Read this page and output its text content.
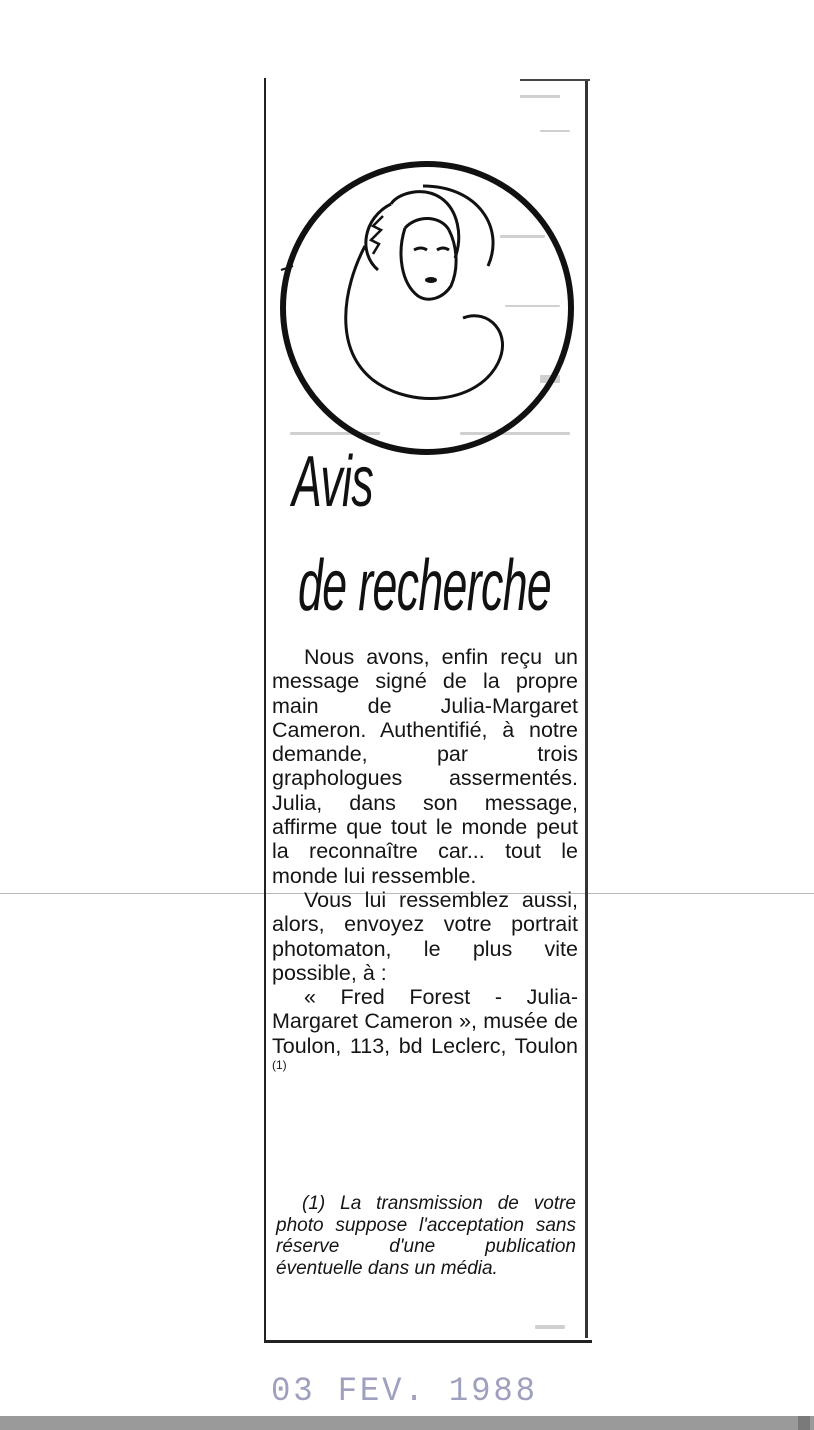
Avis
de recherche

Nous avons, enfin reçu un message signé de la propre main de Julia-Margaret Cameron. Authentifié, à notre demande, par trois graphologues assermentés. Julia, dans son message, affirme que tout le monde peut la reconnaître car... tout le monde lui ressemble.

Vous lui ressemblez aussi, alors, envoyez votre portrait photomaton, le plus vite possible, à :

« Fred Forest - Julia-Margaret Cameron », musée de Toulon, 113, bd Leclerc, Toulon $^{(1)}$

(1) La transmission de votre photo suppose l'acceptation sans réserve d'une publication éventuelle dans un média.
03 FEV. 1988
